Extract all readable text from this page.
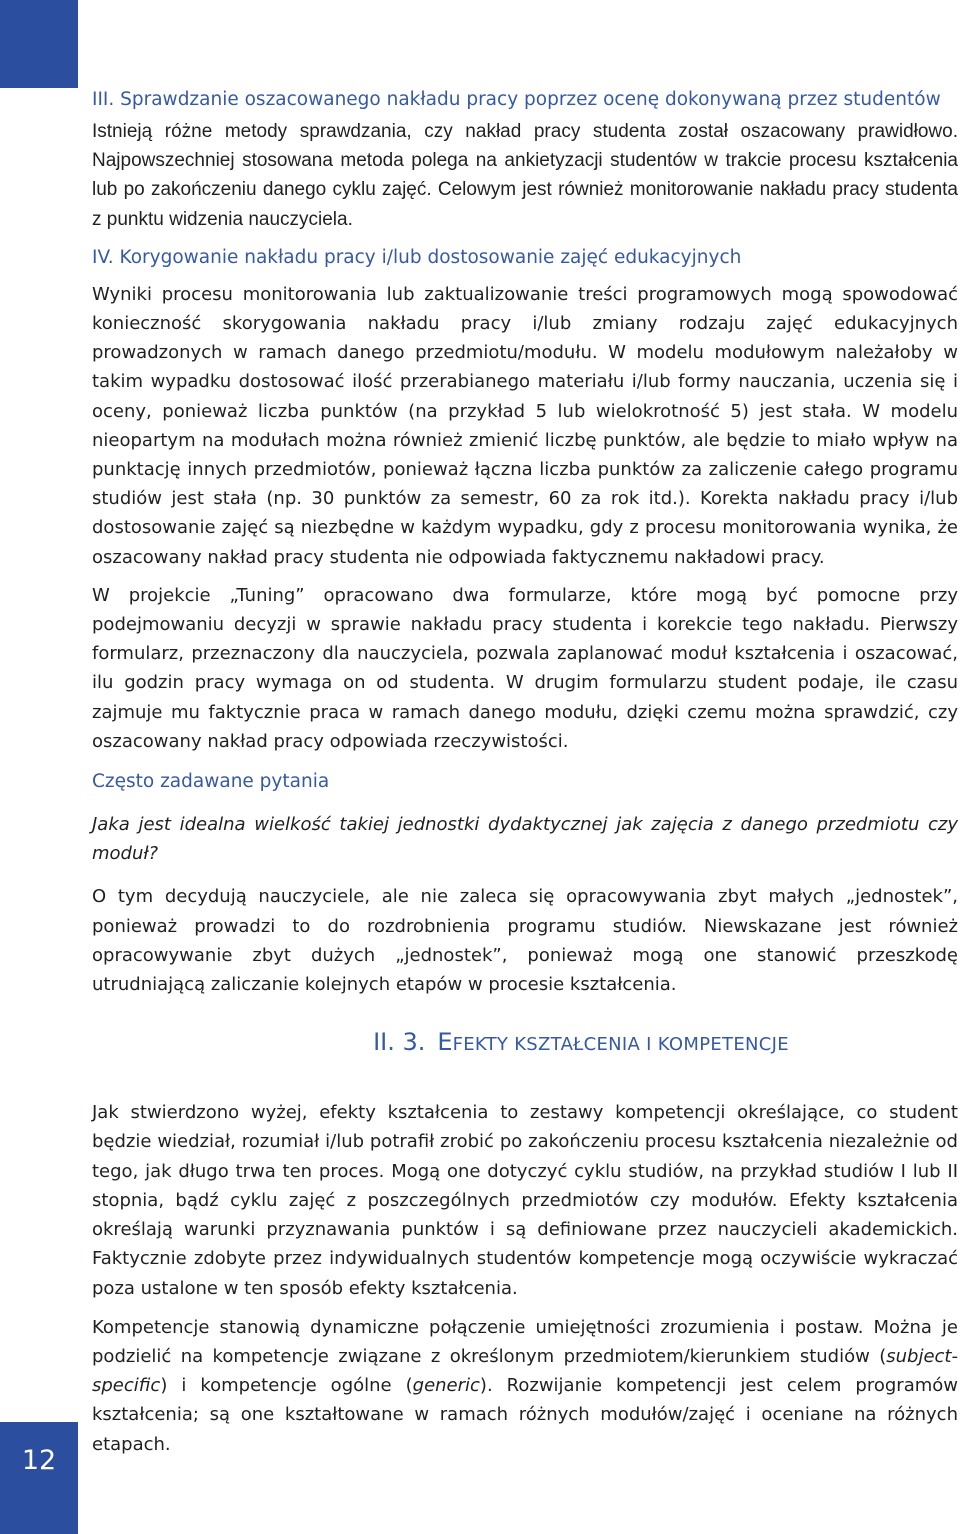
12
III. Sprawdzanie oszacowanego nakładu pracy poprzez ocenę dokonywaną przez studentów

Istnieją różne metody sprawdzania, czy nakład pracy studenta został oszacowany prawidłowo. Najpowszechniej stosowana metoda polega na ankietyzacji studentów w trakcie procesu kształcenia lub po zakończeniu danego cyklu zajęć. Celowym jest również monitorowanie nakładu pracy studenta z punktu widzenia nauczyciela.

IV. Korygowanie nakładu pracy i/lub dostosowanie zajęć edukacyjnych

Wyniki procesu monitorowania lub zaktualizowanie treści programowych mogą spowodować konieczność skorygowania nakładu pracy i/lub zmiany rodzaju zajęć edukacyjnych prowadzonych w ramach danego przedmiotu/modułu. W modelu modułowym należałoby w takim wypadku dostosować ilość przerabianego materiału i/lub formy nauczania, uczenia się i oceny, ponieważ liczba punktów (na przykład 5 lub wielokrotność 5) jest stała. W modelu nieopartym na modułach można również zmienić liczbę punktów, ale będzie to miało wpływ na punktację innych przedmiotów, ponieważ łączna liczba punktów za zaliczenie całego programu studiów jest stała (np. 30 punktów za semestr, 60 za rok itd.). Korekta nakładu pracy i/lub dostosowanie zajęć są niezbędne w każdym wypadku, gdy z procesu monitorowania wynika, że oszacowany nakład pracy studenta nie odpowiada faktycznemu nakładowi pracy.

W projekcie „Tuning” opracowano dwa formularze, które mogą być pomocne przy podejmowaniu decyzji w sprawie nakładu pracy studenta i korekcie tego nakładu. Pierwszy formularz, przeznaczony dla nauczyciela, pozwala zaplanować moduł kształcenia i oszacować, ilu godzin pracy wymaga on od studenta. W drugim formularzu student podaje, ile czasu zajmuje mu faktycznie praca w ramach danego modułu, dzięki czemu można sprawdzić, czy oszacowany nakład pracy odpowiada rzeczywistości.

Często zadawane pytania

Jaka jest idealna wielkość takiej jednostki dydaktycznej jak zajęcia z danego przedmiotu czy moduł?

O tym decydują nauczyciele, ale nie zaleca się opracowywania zbyt małych „jednostek”, ponieważ prowadzi to do rozdrobnienia programu studiów. Niewskazane jest również opracowywanie zbyt dużych „jednostek”, ponieważ mogą one stanowić przeszkodę utrudniającą zaliczanie kolejnych etapów w procesie kształcenia.

II. 3. EFEKTY KSZTAŁCENIA I KOMPETENCJE

Jak stwierdzono wyżej, efekty kształcenia to zestawy kompetencji określające, co student będzie wiedział, rozumiał i/lub potrafił zrobić po zakończeniu procesu kształcenia niezależnie od tego, jak długo trwa ten proces. Mogą one dotyczyć cyklu studiów, na przykład studiów I lub II stopnia, bądź cyklu zajęć z poszczególnych przedmiotów czy modułów. Efekty kształcenia określają warunki przyznawania punktów i są definiowane przez nauczycieli akademickich. Faktycznie zdobyte przez indywidualnych studentów kompetencje mogą oczywiście wykraczać poza ustalone w ten sposób efekty kształcenia.

Kompetencje stanowią dynamiczne połączenie umiejętności zrozumienia i postaw. Można je podzielić na kompetencje związane z określonym przedmiotem/kierunkiem studiów (subject-specific) i kompetencje ogólne (generic). Rozwijanie kompetencji jest celem programów kształcenia; są one kształtowane w ramach różnych modułów/zajęć i oceniane na różnych etapach.
